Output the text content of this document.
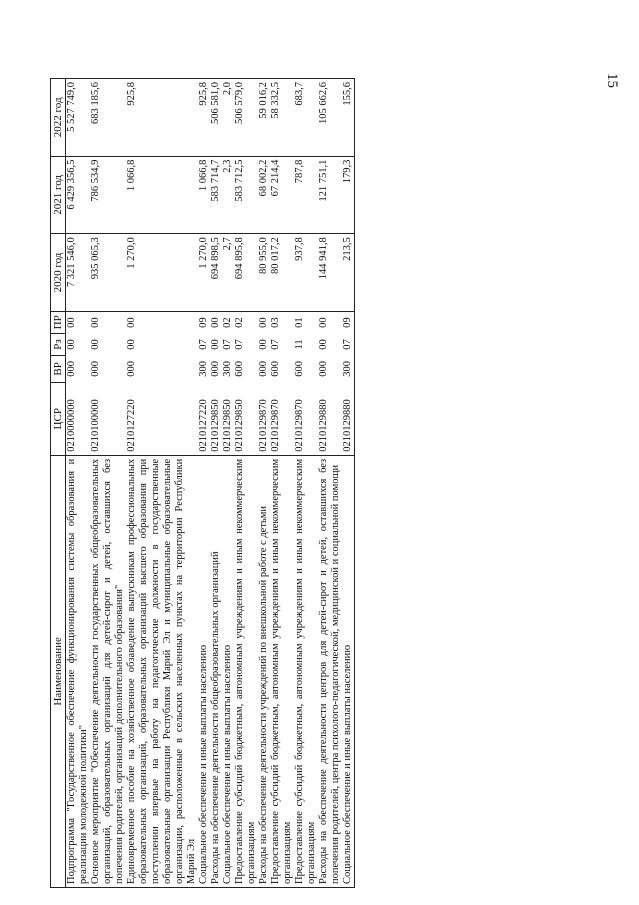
15
Наименование	ЦСР	ВР	Рз	ПР	2020 год	2021 год	2022 год
Подпрограмма "Государственное обеспечение функционирования системы образования и реализации молодежной политики"	0210000000	000	00	00	7 321 546,0	6 429 356,5	5 527 749,0
Основное мероприятие "Обеспечение деятельности государственных общеобразовательных организаций, образовательных организаций для детей-сирот и детей, оставшихся без попечения родителей, организаций дополнительного образования"	0210100000	000	00	00	935 065,3	786 534,9	683 185,6
Единовременное пособие на хозяйственное обзаведение выпускникам профессиональных образовательных организаций, образовательных организаций высшего образования при поступлении впервые на работу на педагогические должности в государственные образовательные организации Республики Марий Эл и муниципальные образовательные организации, расположенные в сельских населенных пунктах на территории Республики Марий Эл	0210127220	000	00	00	1 270,0	1 066,8	925,8
Социальное обеспечение и иные выплаты населению	0210127220	300	07	09	1 270,0	1 066,8	925,8
Расходы на обеспечение деятельности общеобразовательных организаций	0210129850	000	00	00	694 898,5	583 714,7	506 581,0
Социальное обеспечение и иные выплаты населению	0210129850	300	07	02	2,7	2,3	2,0
Предоставление субсидий бюджетным, автономным учреждениям и иным некоммерческим организациям	0210129850	600	07	02	694 895,8	583 712,5	506 579,0
Расходы на обеспечение деятельности учреждений по внешкольной работе с детьми	0210129870	000	00	00	80 955,0	68 002,2	59 016,2
Предоставление субсидий бюджетным, автономным учреждениям и иным некоммерческим организациям	0210129870	600	07	03	80 017,2	67 214,4	58 332,5
Предоставление субсидий бюджетным, автономным учреждениям и иным некоммерческим организациям	0210129870	600	11	01	937,8	787,8	683,7
Расходы на обеспечение деятельности центров для детей-сирот и детей, оставшихся без попечения родителей, центра психолого-педагогической, медицинской и социальной помощи	0210129880	000	00	00	144 941,8	121 751,1	105 662,6
Социальное обеспечение и иные выплаты населению	0210129880	300	07	09	213,5	179,3	155,6
